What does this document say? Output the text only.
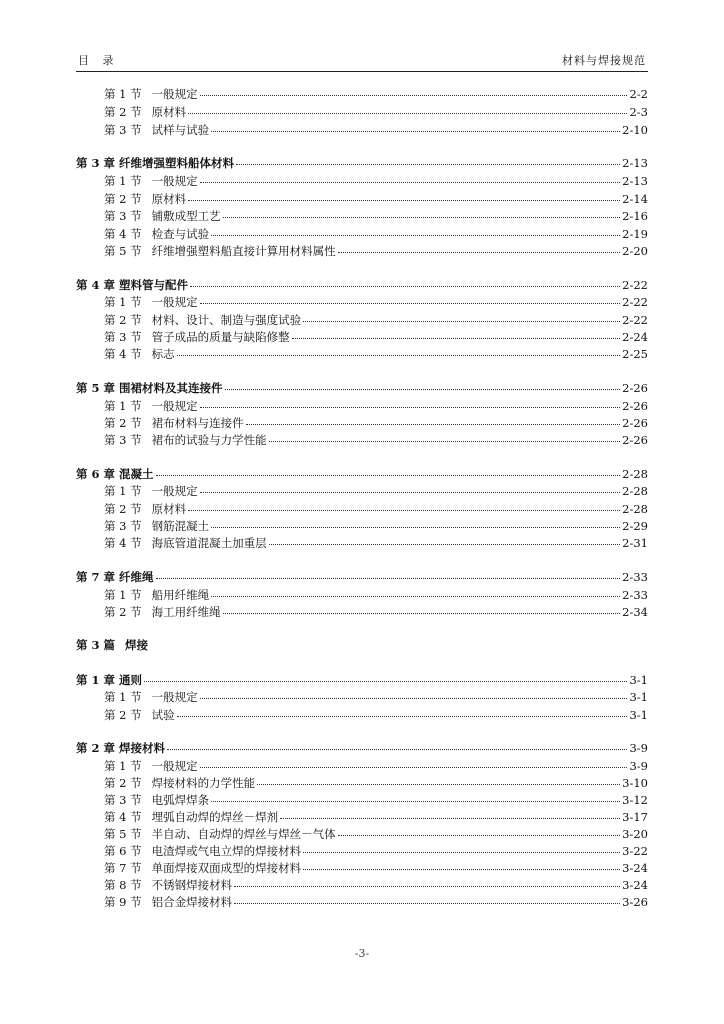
目 录	材料与焊接规范
第 1 节 一般规定	2-2
第 2 节 原材料	2-3
第 3 节 试样与试验	2-10
第 3 章 纤维增强塑料船体材料	2-13
第 1 节 一般规定	2-13
第 2 节 原材料	2-14
第 3 节 铺敷成型工艺	2-16
第 4 节 检查与试验	2-19
第 5 节 纤维增强塑料船直接计算用材料属性	2-20
第 4 章 塑料管与配件	2-22
第 1 节 一般规定	2-22
第 2 节 材料、设计、制造与强度试验	2-22
第 3 节 管子成品的质量与缺陷修整	2-24
第 4 节 标志	2-25
第 5 章 围裙材料及其连接件	2-26
第 1 节 一般规定	2-26
第 2 节 裙布材料与连接件	2-26
第 3 节 裙布的试验与力学性能	2-26
第 6 章 混凝土	2-28
第 1 节 一般规定	2-28
第 2 节 原材料	2-28
第 3 节 钢筋混凝土	2-29
第 4 节 海底管道混凝土加重层	2-31
第 7 章 纤维绳	2-33
第 1 节 船用纤维绳	2-33
第 2 节 海工用纤维绳	2-34
第 3 篇 焊接
第 1 章 通则	3-1
第 1 节 一般规定	3-1
第 2 节 试验	3-1
第 2 章 焊接材料	3-9
第 1 节 一般规定	3-9
第 2 节 焊接材料的力学性能	3-10
第 3 节 电弧焊焊条	3-12
第 4 节 埋弧自动焊的焊丝－焊剂	3-17
第 5 节 半自动、自动焊的焊丝与焊丝－气体	3-20
第 6 节 电渣焊或气电立焊的焊接材料	3-22
第 7 节 单面焊接双面成型的焊接材料	3-24
第 8 节 不锈钢焊接材料	3-24
第 9 节 铝合金焊接材料	3-26
-3-
